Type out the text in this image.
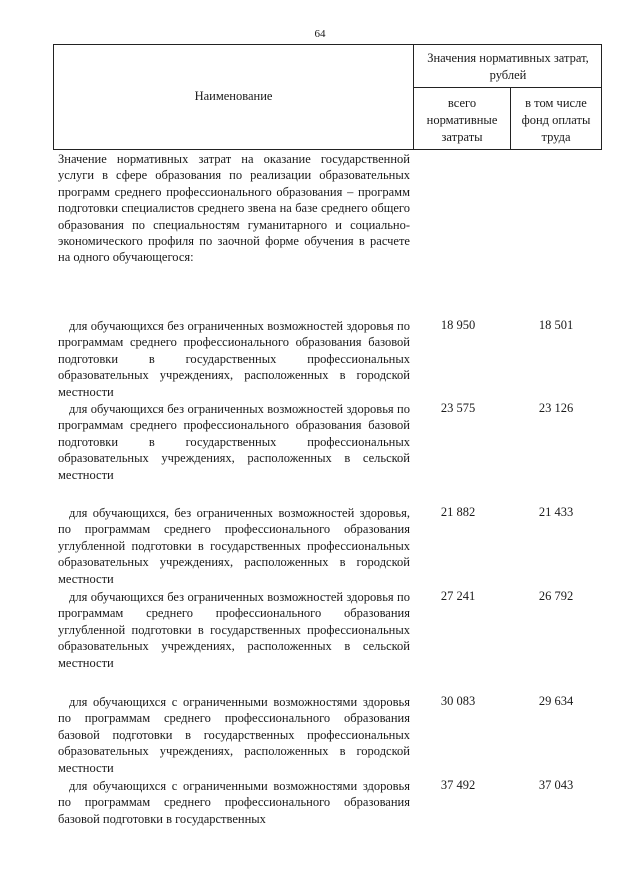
64
Наименование
Значения нормативных затрат, рублей
всего нормативные затраты
в том числе фонд оплаты труда

Значение нормативных затрат на оказание государственной услуги в сфере образования по реализации образовательных программ среднего профессионального образования – программ подготовки специалистов среднего звена на базе среднего общего образования по специальностям гуманитарного и социально-экономического профиля по заочной форме обучения в расчете на одного обучающегося:

для обучающихся без ограниченных возможностей здоровья по программам среднего профессионального образования базовой подготовки в государственных профессиональных образовательных учреждениях, расположенных в городской местности

18 950	18 501

для обучающихся без ограниченных возможностей здоровья по программам среднего профессионального образования базовой подготовки в государственных профессиональных образовательных учреждениях, расположенных в сельской местности

23 575	23 126

для обучающихся, без ограниченных возможностей здоровья, по программам среднего профессионального образования углубленной подготовки в государственных профессиональных образовательных учреждениях, расположенных в городской местности

21 882	21 433

для обучающихся без ограниченных возможностей здоровья по программам среднего профессионального образования углубленной подготовки в государственных профессиональных образовательных учреждениях, расположенных в сельской местности

27 241	26 792

для обучающихся с ограниченными возможностями здоровья по программам среднего профессионального образования базовой подготовки в государственных профессиональных образовательных учреждениях, расположенных в городской местности

30 083	29 634

для обучающихся с ограниченными возможностями здоровья по программам среднего профессионального образования базовой подготовки в государственных

37 492	37 043
